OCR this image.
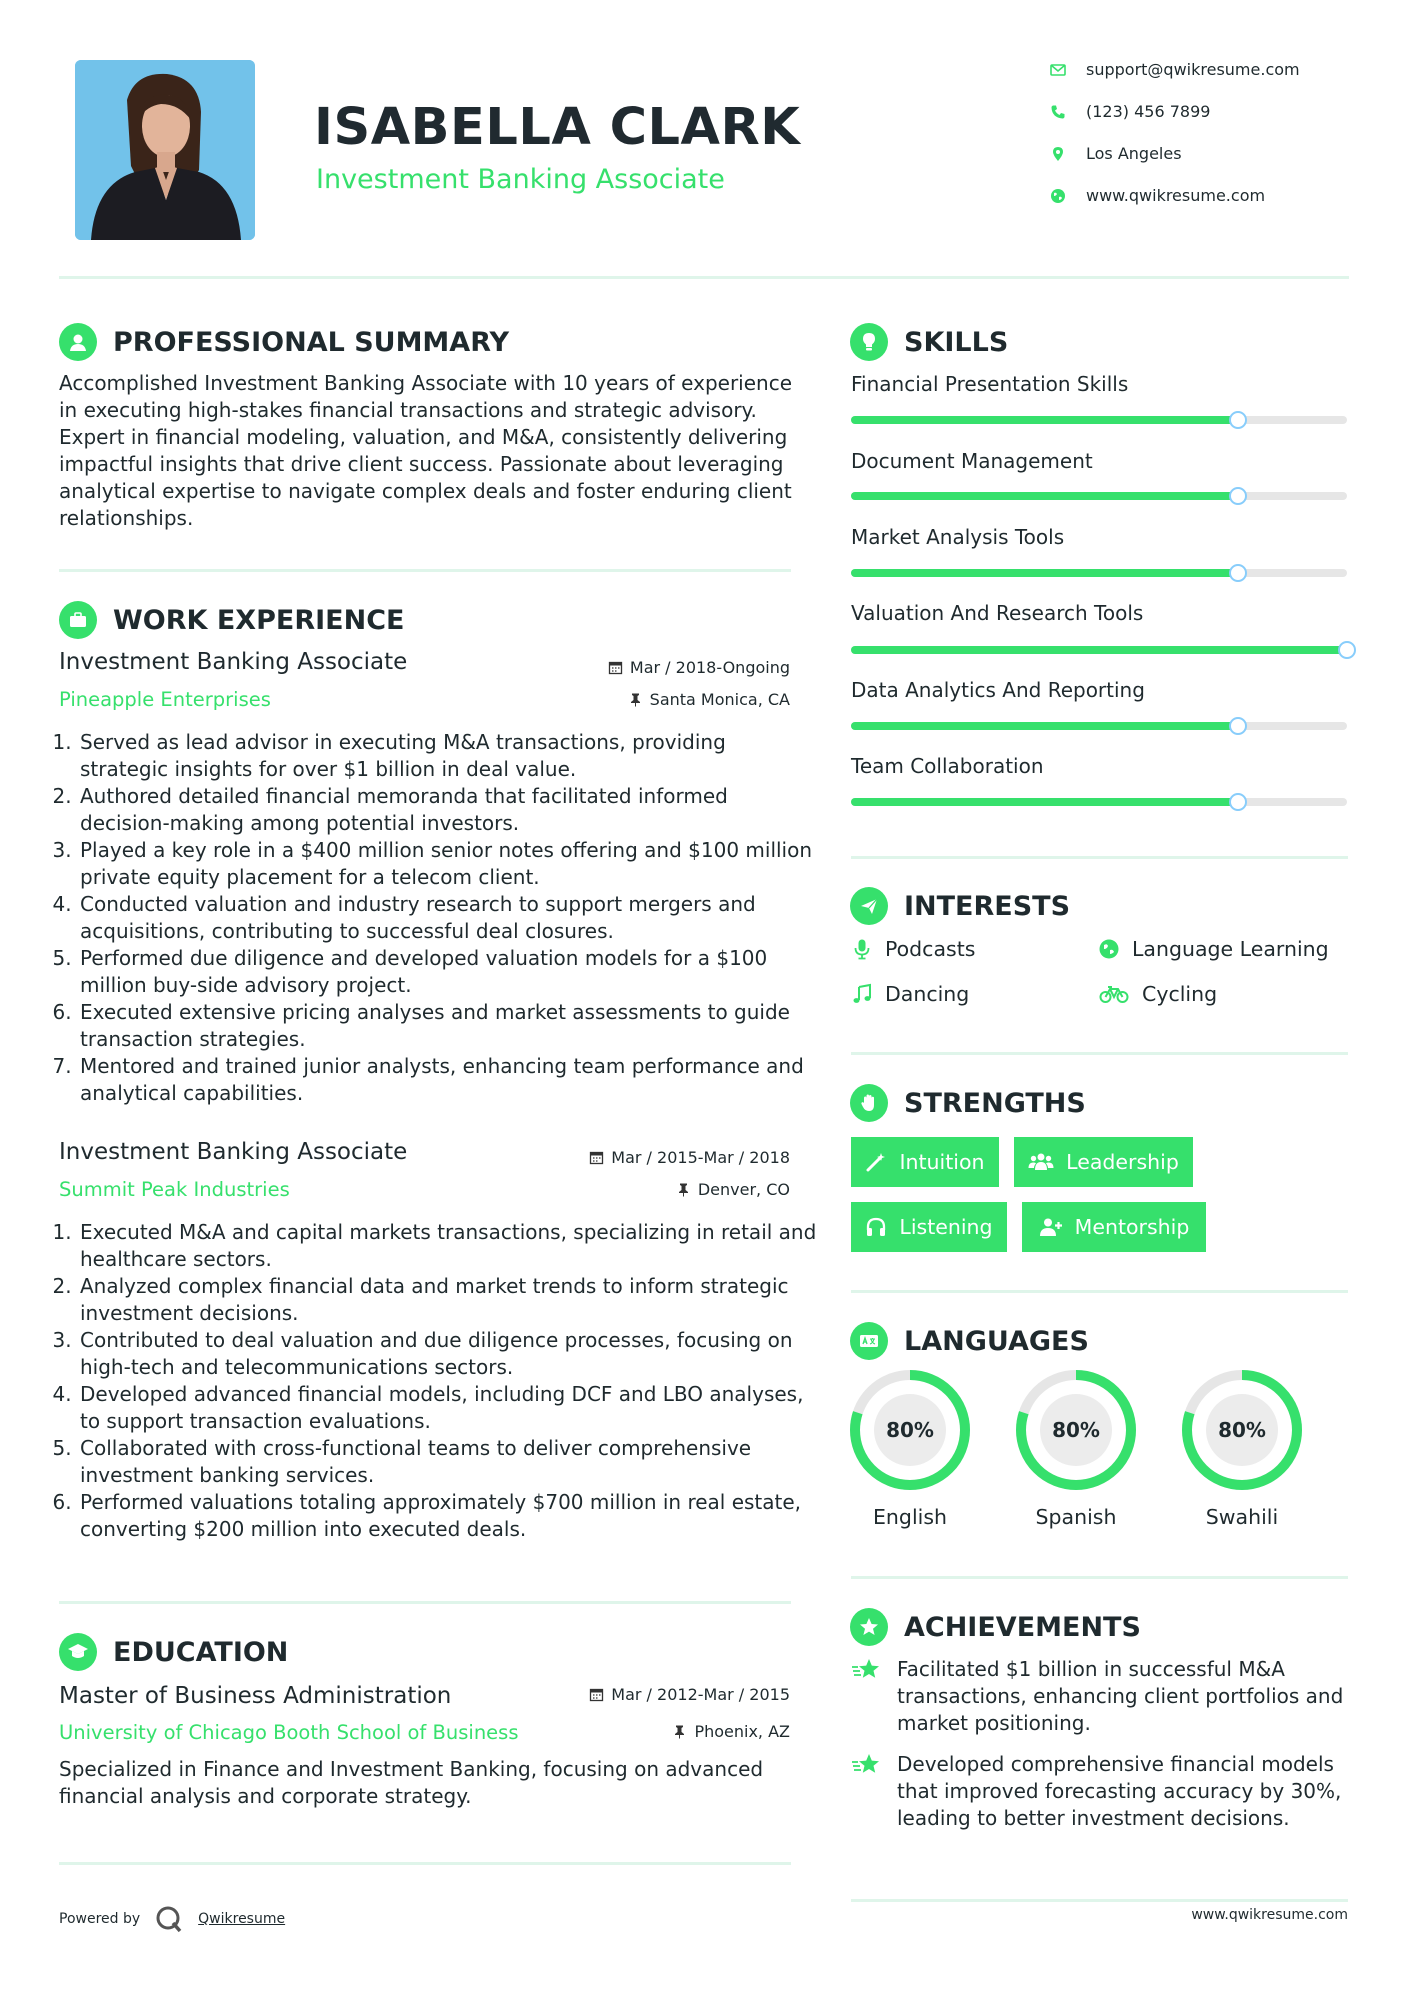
ISABELLA CLARK
Investment Banking Associate
support@qwikresume.com
(123) 456 7899
Los Angeles
www.qwikresume.com
PROFESSIONAL SUMMARY
Accomplished Investment Banking Associate with 10 years of experience in executing high-stakes financial transactions and strategic advisory. Expert in financial modeling, valuation, and M&A, consistently delivering impactful insights that drive client success. Passionate about leveraging analytical expertise to navigate complex deals and foster enduring client relationships.
WORK EXPERIENCE
Investment Banking Associate	Mar / 2018-Ongoing
Pineapple Enterprises	Santa Monica, CA
1. Served as lead advisor in executing M&A transactions, providing strategic insights for over $1 billion in deal value.
2. Authored detailed financial memoranda that facilitated informed decision-making among potential investors.
3. Played a key role in a $400 million senior notes offering and $100 million private equity placement for a telecom client.
4. Conducted valuation and industry research to support mergers and acquisitions, contributing to successful deal closures.
5. Performed due diligence and developed valuation models for a $100 million buy-side advisory project.
6. Executed extensive pricing analyses and market assessments to guide transaction strategies.
7. Mentored and trained junior analysts, enhancing team performance and analytical capabilities.
Investment Banking Associate	Mar / 2015-Mar / 2018
Summit Peak Industries	Denver, CO
1. Executed M&A and capital markets transactions, specializing in retail and healthcare sectors.
2. Analyzed complex financial data and market trends to inform strategic investment decisions.
3. Contributed to deal valuation and due diligence processes, focusing on high-tech and telecommunications sectors.
4. Developed advanced financial models, including DCF and LBO analyses, to support transaction evaluations.
5. Collaborated with cross-functional teams to deliver comprehensive investment banking services.
6. Performed valuations totaling approximately $700 million in real estate, converting $200 million into executed deals.
EDUCATION
Master of Business Administration	Mar / 2012-Mar / 2015
University of Chicago Booth School of Business	Phoenix, AZ
Specialized in Finance and Investment Banking, focusing on advanced financial analysis and corporate strategy.
Powered by	Qwikresume
SKILLS
Financial Presentation Skills
Document Management
Market Analysis Tools
Valuation And Research Tools
Data Analytics And Reporting
Team Collaboration
INTERESTS
Podcasts	Language Learning
Dancing	Cycling
STRENGTHS
Intuition	Leadership
Listening	Mentorship
LANGUAGES
80%
English
80%
Spanish
80%
Swahili
ACHIEVEMENTS
Facilitated $1 billion in successful M&A transactions, enhancing client portfolios and market positioning.
Developed comprehensive financial models that improved forecasting accuracy by 30%, leading to better investment decisions.
www.qwikresume.com
